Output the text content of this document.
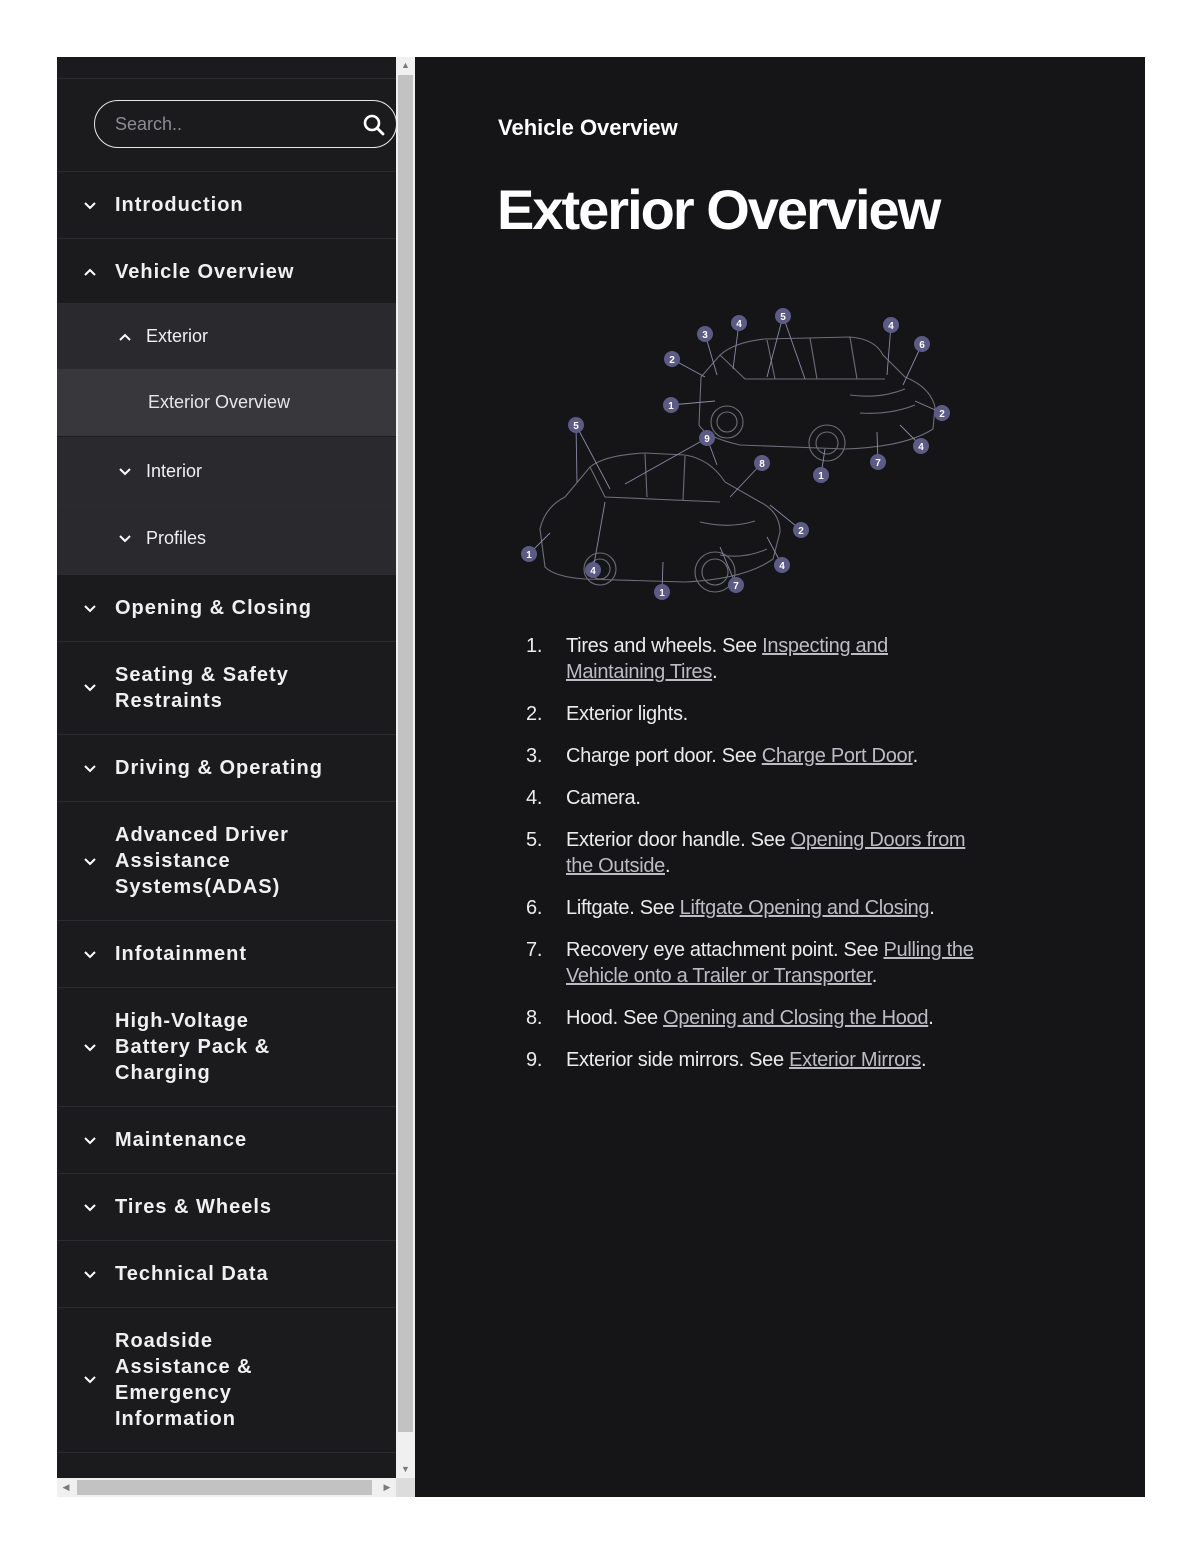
Search..
Introduction
Vehicle Overview
Exterior
Exterior Overview
Interior
Profiles
Opening & Closing
Seating & Safety Restraints
Driving & Operating
Advanced Driver Assistance Systems(ADAS)
Infotainment
High-Voltage Battery Pack & Charging
Maintenance
Tires & Wheels
Technical Data
Roadside Assistance & Emergency Information
▲
▼
◀	▶
Vehicle Overview
Exterior Overview
1
2
3
4
5
4
6
2
4
7
1
5
9
8
2
4
7
1
4
1
1. Tires and wheels. See Inspecting and Maintaining Tires.
2. Exterior lights.
3. Charge port door. See Charge Port Door.
4. Camera.
5. Exterior door handle. See Opening Doors from the Outside.
6. Liftgate. See Liftgate Opening and Closing.
7. Recovery eye attachment point. See Pulling the Vehicle onto a Trailer or Transporter.
8. Hood. See Opening and Closing the Hood.
9. Exterior side mirrors. See Exterior Mirrors.
